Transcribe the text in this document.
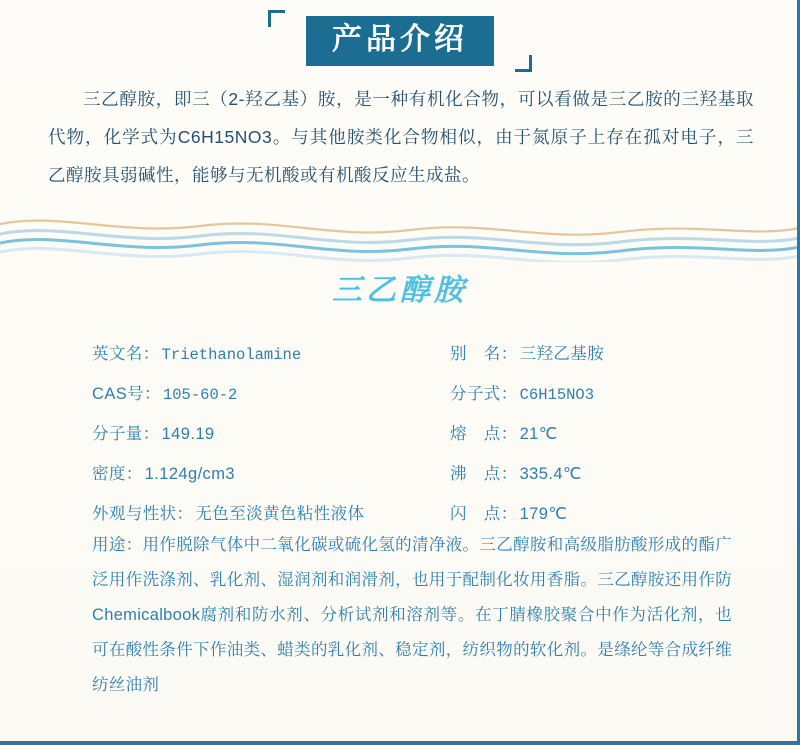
产品介绍
三乙醇胺，即三（2-羟乙基）胺，是一种有机化合物，可以看做是三乙胺的三羟基取代物，化学式为C6H15NO3。与其他胺类化合物相似，由于氮原子上存在孤对电子，三乙醇胺具弱碱性，能够与无机酸或有机酸反应生成盐。
三乙醇胺
英文名： Triethanolamine	别　名： 三羟乙基胺
CAS号： 105-60-2	分子式： C6H15NO3
分子量： 149.19	熔　点： 21℃
密度： 1.124g/cm3	沸　点： 335.4℃
外观与性状： 无色至淡黄色粘性液体	闪　点： 179℃
用途：用作脱除气体中二氧化碳或硫化氢的清净液。三乙醇胺和高级脂肪酸形成的酯广泛用作洗涤剂、乳化剂、湿润剂和润滑剂，也用于配制化妆用香脂。三乙醇胺还用作防Chemicalbook腐剂和防水剂、分析试剂和溶剂等。在丁腈橡胶聚合中作为活化剂，也可在酸性条件下作油类、蜡类的乳化剂、稳定剂，纺织物的软化剂。是绦纶等合成纤维纺丝油剂
